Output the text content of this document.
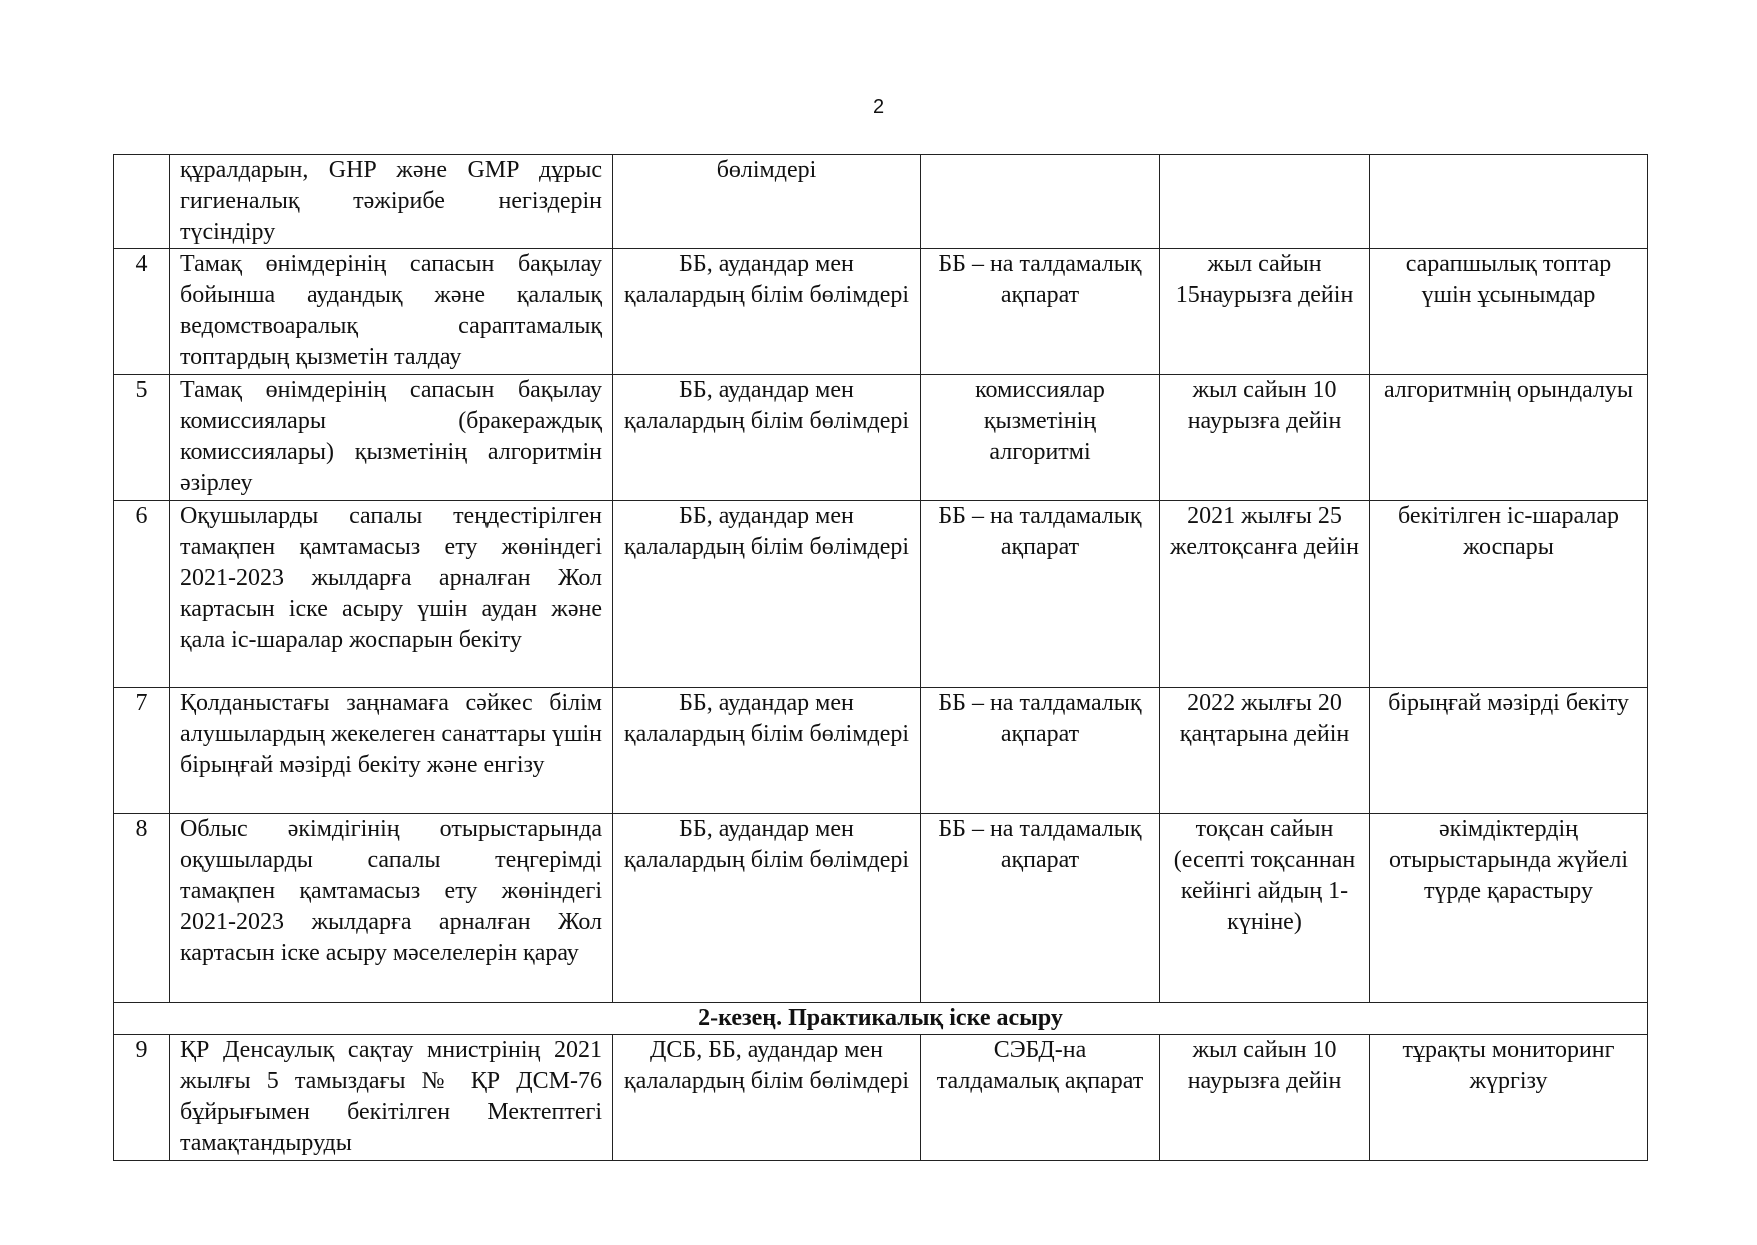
2
	құралдарын, GHP және GMP дұрыс гигиеналық тәжірибе негіздерін түсіндіру	бөлімдері			
4	Тамақ өнімдерінің сапасын бақылау бойынша аудандық және қалалық ведомствоаралық сараптамалық топтардың қызметін талдау	ББ, аудандар мен қалалардың білім бөлімдері	ББ – на талдамалық ақпарат	жыл сайын 15наурызға дейін	сарапшылық топтар үшін ұсынымдар
5	Тамақ өнімдерінің сапасын бақылау комиссиялары (бракераждық комиссиялары) қызметінің алгоритмін әзірлеу	ББ, аудандар мен қалалардың білім бөлімдері	комиссиялар қызметінің алгоритмі	жыл сайын 10 наурызға дейін	алгоритмнің орындалуы
6	Оқушыларды сапалы теңдестірілген тамақпен қамтамасыз ету жөніндегі 2021-2023 жылдарға арналған Жол картасын іске асыру үшін аудан және қала іс-шаралар жоспарын бекіту	ББ, аудандар мен қалалардың білім бөлімдері	ББ – на талдамалық ақпарат	2021 жылғы 25 желтоқсанға дейін	бекітілген іс-шаралар жоспары
7	Қолданыстағы заңнамаға сәйкес білім алушылардың жекелеген санаттары үшін бірыңғай мәзірді бекіту және енгізу	ББ, аудандар мен қалалардың білім бөлімдері	ББ – на талдамалық ақпарат	2022 жылғы 20 қаңтарына дейін	бірыңғай мәзірді бекіту
8	Облыс әкімдігінің отырыстарында оқушыларды сапалы теңгерімді тамақпен қамтамасыз ету жөніндегі 2021-2023 жылдарға арналған Жол картасын іске асыру мәселелерін қарау	ББ, аудандар мен қалалардың білім бөлімдері	ББ – на талдамалық ақпарат	тоқсан сайын (есепті тоқсаннан кейінгі айдың 1-күніне)	әкімдіктердің отырыстарында жүйелі түрде қарастыру
2-кезең. Практикалық іске асыру					
9	ҚР Денсаулық сақтау мнистрінің 2021 жылғы 5 тамыздағы № ҚР ДСМ-76 бұйрығымен бекітілген Мектептегі тамақтандыруды	ДСБ, ББ, аудандар мен қалалардың білім бөлімдері	СЭБД-на талдамалық ақпарат	жыл сайын 10 наурызға дейін	тұрақты мониторинг жүргізу
